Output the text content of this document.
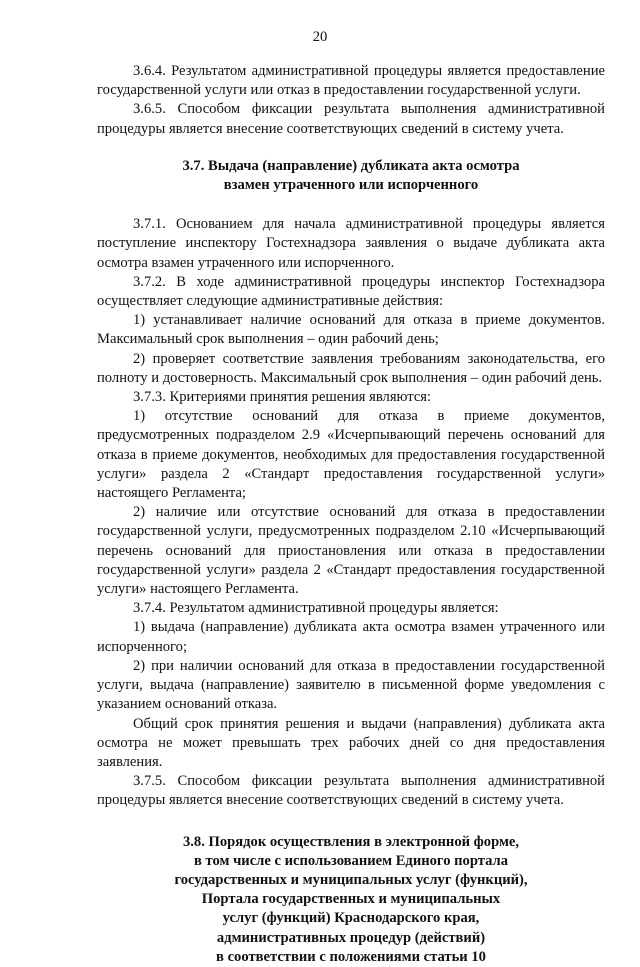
20

3.6.4. Результатом административной процедуры является предоставление государственной услуги или отказ в предоставлении государственной услуги.

3.6.5. Способом фиксации результата выполнения административной процедуры является внесение соответствующих сведений в систему учета.

3.7. Выдача (направление) дубликата акта осмотра
взамен утраченного или испорченного

3.7.1. Основанием для начала административной процедуры является поступление инспектору Гостехнадзора заявления о выдаче дубликата акта осмотра взамен утраченного или испорченного.

3.7.2. В ходе административной процедуры инспектор Гостехнадзора осуществляет следующие административные действия:

1) устанавливает наличие оснований для отказа в приеме документов. Максимальный срок выполнения – один рабочий день;

2) проверяет соответствие заявления требованиям законодательства, его полноту и достоверность. Максимальный срок выполнения – один рабочий день.

3.7.3. Критериями принятия решения являются:

1) отсутствие оснований для отказа в приеме документов, предусмотренных подразделом 2.9 «Исчерпывающий перечень оснований для отказа в приеме документов, необходимых для предоставления государственной услуги» раздела 2 «Стандарт предоставления государственной услуги» настоящего Регламента;

2) наличие или отсутствие оснований для отказа в предоставлении государственной услуги, предусмотренных подразделом 2.10 «Исчерпывающий перечень оснований для приостановления или отказа в предоставлении государственной услуги» раздела 2 «Стандарт предоставления государственной услуги» настоящего Регламента.

3.7.4. Результатом административной процедуры является:

1) выдача (направление) дубликата акта осмотра взамен утраченного или испорченного;

2) при наличии оснований для отказа в предоставлении государственной услуги, выдача (направление) заявителю в письменной форме уведомления с указанием оснований отказа.

Общий срок принятия решения и выдачи (направления) дубликата акта осмотра не может превышать трех рабочих дней со дня предоставления заявления.

3.7.5. Способом фиксации результата выполнения административной процедуры является внесение соответствующих сведений в систему учета.

3.8. Порядок осуществления в электронной форме,
в том числе с использованием Единого портала
государственных и муниципальных услуг (функций),
Портала государственных и муниципальных
услуг (функций) Краснодарского края,
административных процедур (действий)
в соответствии с положениями статьи 10
